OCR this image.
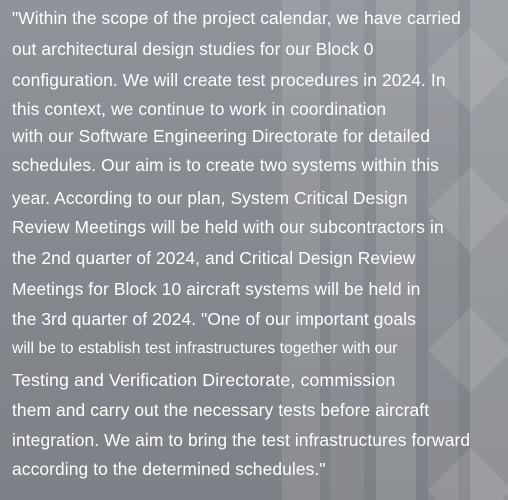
"Within the scope of the project calendar, we have carried
out architectural design studies for our Block 0
configuration. We will create test procedures in 2024. In
this context, we continue to work in coordination
with our Software Engineering Directorate for detailed
schedules. Our aim is to create two systems within this
year. According to our plan, System Critical Design
Review Meetings will be held with our subcontractors in
the 2nd quarter of 2024, and Critical Design Review
Meetings for Block 10 aircraft systems will be held in
the 3rd quarter of 2024. "One of our important goals
will be to establish test infrastructures together with our
Testing and Verification Directorate, commission
them and carry out the necessary tests before aircraft
integration. We aim to bring the test infrastructures forward
according to the determined schedules."
